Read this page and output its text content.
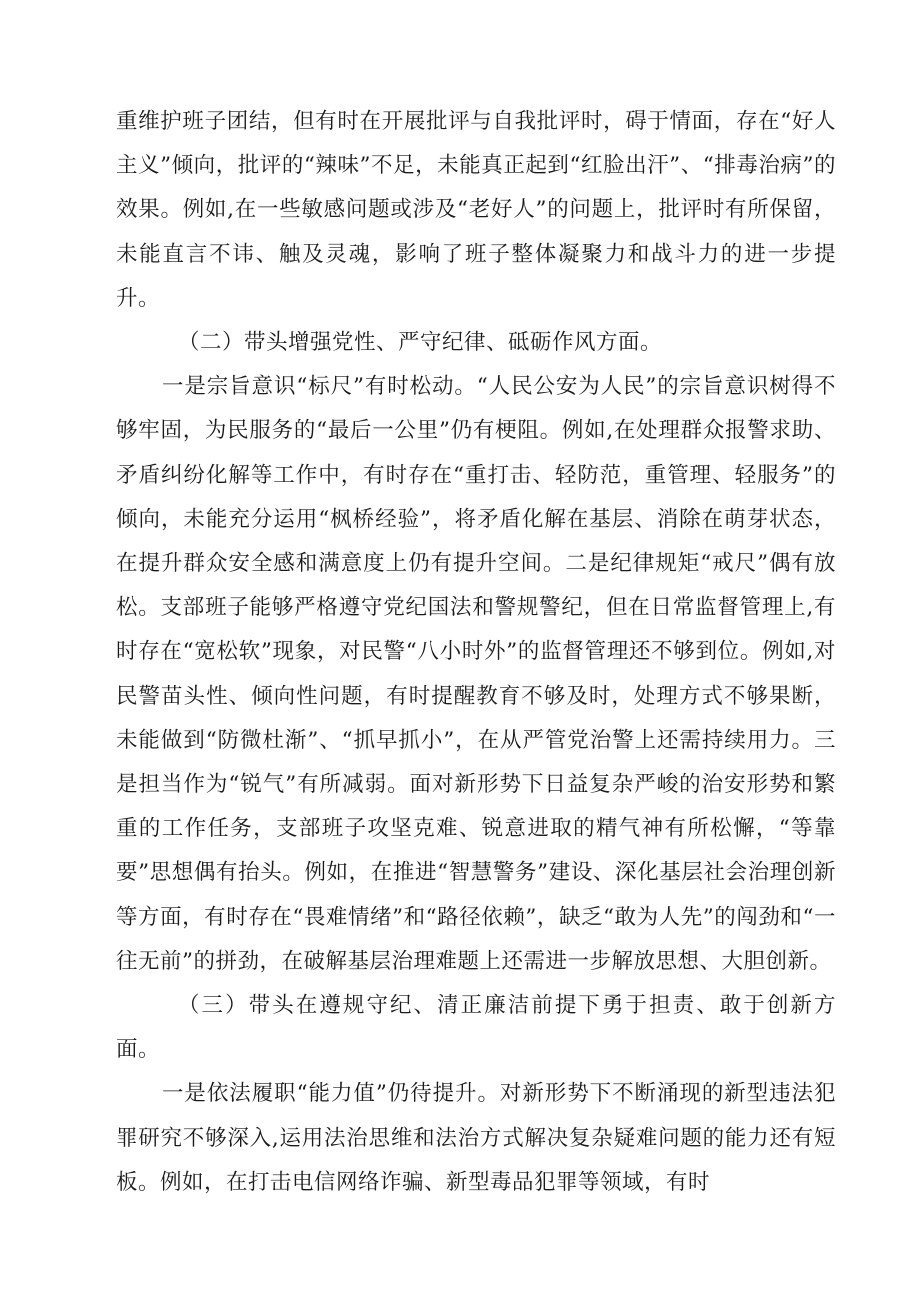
重维护班子团结，但有时在开展批评与自我批评时，碍于情面，存在“好人主义”倾向，批评的“辣味”不足，未能真正起到“红脸出汗”、“排毒治病”的效果。例如,在一些敏感问题或涉及“老好人”的问题上，批评时有所保留，未能直言不讳、触及灵魂，影响了班子整体凝聚力和战斗力的进一步提升。

（二）带头增强党性、严守纪律、砥砺作风方面。

一是宗旨意识“标尺”有时松动。“人民公安为人民”的宗旨意识树得不够牢固，为民服务的“最后一公里”仍有梗阻。例如,在处理群众报警求助、矛盾纠纷化解等工作中，有时存在“重打击、轻防范，重管理、轻服务”的倾向，未能充分运用“枫桥经验”，将矛盾化解在基层、消除在萌芽状态，在提升群众安全感和满意度上仍有提升空间。二是纪律规矩“戒尺”偶有放松。支部班子能够严格遵守党纪国法和警规警纪，但在日常监督管理上,有时存在“宽松软”现象，对民警“八小时外”的监督管理还不够到位。例如,对民警苗头性、倾向性问题，有时提醒教育不够及时，处理方式不够果断，未能做到“防微杜渐”、“抓早抓小”，在从严管党治警上还需持续用力。三是担当作为“锐气”有所减弱。面对新形势下日益复杂严峻的治安形势和繁重的工作任务，支部班子攻坚克难、锐意进取的精气神有所松懈，“等靠要”思想偶有抬头。例如，在推进“智慧警务”建设、深化基层社会治理创新等方面，有时存在“畏难情绪”和“路径依赖”，缺乏“敢为人先”的闯劲和“一往无前”的拼劲，在破解基层治理难题上还需进一步解放思想、大胆创新。

（三）带头在遵规守纪、清正廉洁前提下勇于担责、敢于创新方面。

一是依法履职“能力值”仍待提升。对新形势下不断涌现的新型违法犯罪研究不够深入,运用法治思维和法治方式解决复杂疑难问题的能力还有短板。例如，在打击电信网络诈骗、新型毒品犯罪等领域，有时
